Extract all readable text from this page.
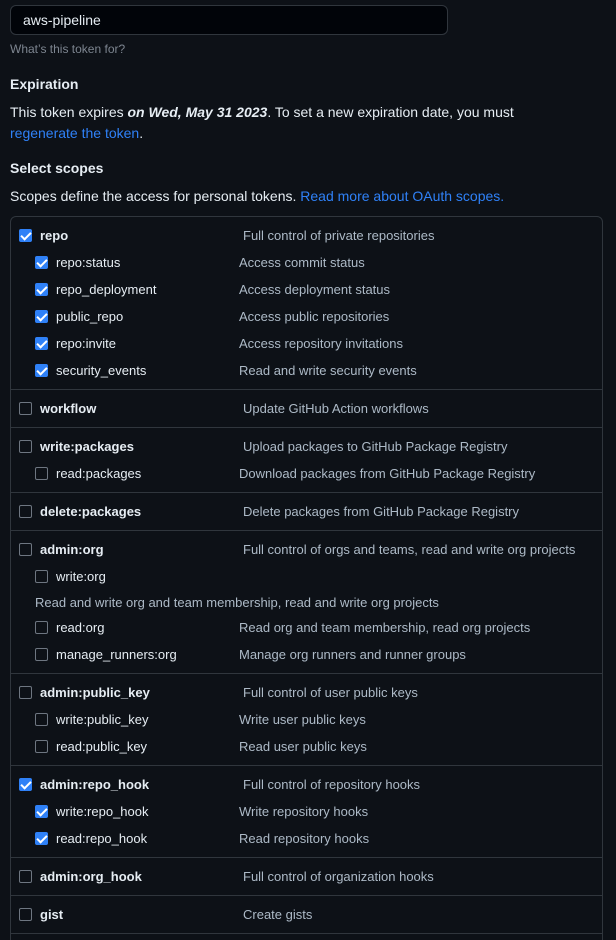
aws-pipeline
What’s this token for?
Expiration
This token expires on Wed, May 31 2023. To set a new expiration date, you must
regenerate the token.
Select scopes
Scopes define the access for personal tokens. Read more about OAuth scopes.
repo	Full control of private repositories
repo:status	Access commit status
repo_deployment	Access deployment status
public_repo	Access public repositories
repo:invite	Access repository invitations
security_events	Read and write security events
workflow	Update GitHub Action workflows
write:packages	Upload packages to GitHub Package Registry
read:packages	Download packages from GitHub Package Registry
delete:packages	Delete packages from GitHub Package Registry
admin:org	Full control of orgs and teams, read and write org projects
write:org
Read and write org and team membership, read and write org projects
read:org	Read org and team membership, read org projects
manage_runners:org	Manage org runners and runner groups
admin:public_key	Full control of user public keys
write:public_key	Write user public keys
read:public_key	Read user public keys
admin:repo_hook	Full control of repository hooks
write:repo_hook	Write repository hooks
read:repo_hook	Read repository hooks
admin:org_hook	Full control of organization hooks
gist	Create gists
